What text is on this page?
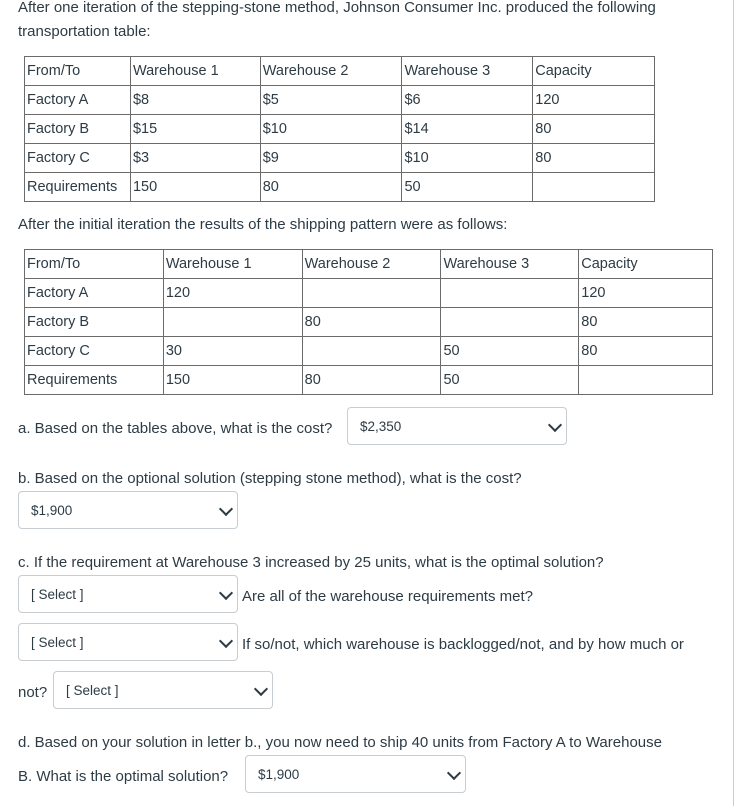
After one iteration of the stepping-stone method, Johnson Consumer Inc. produced the following transportation table:
From/To	Warehouse 1	Warehouse 2	Warehouse 3	Capacity
Factory A	$8	$5	$6	120
Factory B	$15	$10	$14	80
Factory C	$3	$9	$10	80
Requirements	150	80	50	
After the initial iteration the results of the shipping pattern were as follows:
From/To	Warehouse 1	Warehouse 2	Warehouse 3	Capacity
Factory A	120			120
Factory B		80		80
Factory C	30		50	80
Requirements	150	80	50	
a. Based on the tables above, what is the cost? $2,350
b. Based on the optional solution (stepping stone method), what is the cost?
$1,900
c. If the requirement at Warehouse 3 increased by 25 units, what is the optimal solution?
[ Select ]	Are all of the warehouse requirements met?
[ Select ]	If so/not, which warehouse is backlogged/not, and by how much or
not? [ Select ]
d. Based on your solution in letter b., you now need to ship 40 units from Factory A to Warehouse
B. What is the optimal solution? $1,900
